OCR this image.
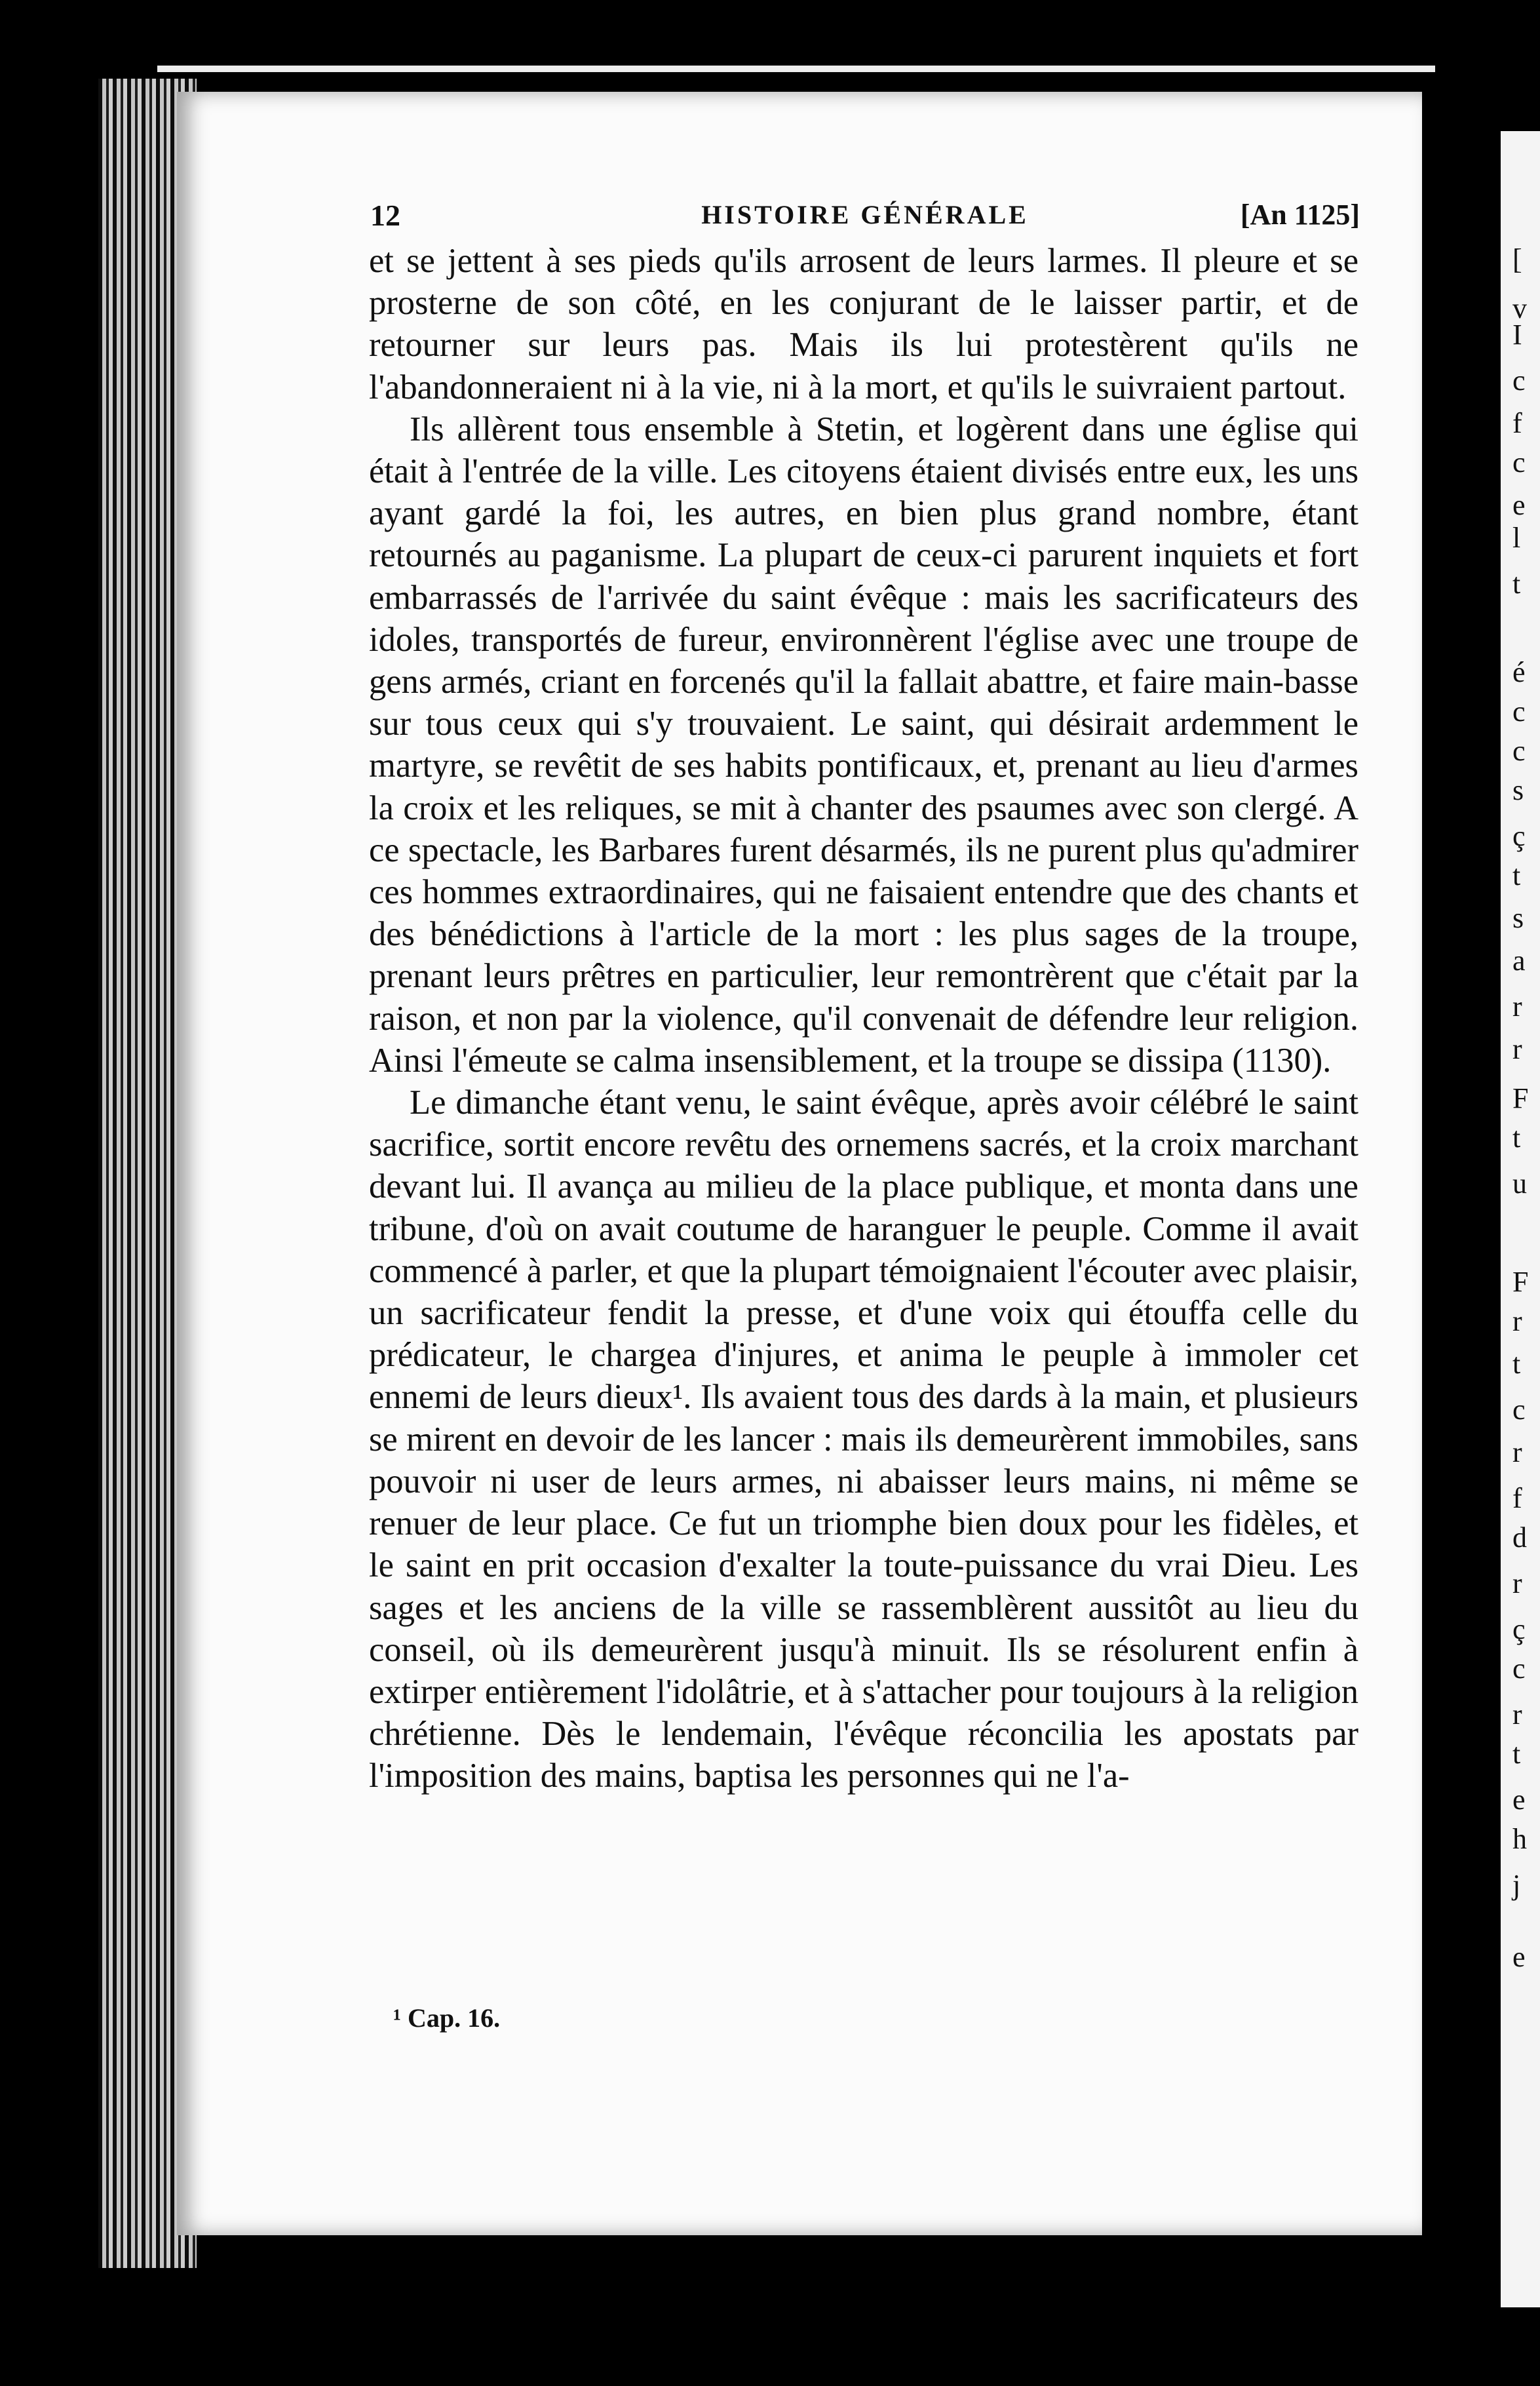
[
v
I
c
f
c
e
l
t
é
c
c
s
ç
t
s
a
r
r
F
t
u
F
r
t
c
r
f
d
r
ç
c
r
t
e
h
j
e
12	HISTOIRE GÉNÉRALE	[An 1125]

et se jettent à ses pieds qu'ils arrosent de leurs larmes. Il pleure et se prosterne de son côté, en les conjurant de le laisser partir, et de retourner sur leurs pas. Mais ils lui protestèrent qu'ils ne l'abandonneraient ni à la vie, ni à la mort, et qu'ils le suivraient partout.

Ils allèrent tous ensemble à Stetin, et logèrent dans une église qui était à l'entrée de la ville. Les citoyens étaient divisés entre eux, les uns ayant gardé la foi, les autres, en bien plus grand nombre, étant retournés au paganisme. La plupart de ceux-ci parurent inquiets et fort embarrassés de l'arrivée du saint évêque : mais les sacrificateurs des idoles, transportés de fureur, environnèrent l'église avec une troupe de gens armés, criant en forcenés qu'il la fallait abattre, et faire main-basse sur tous ceux qui s'y trouvaient. Le saint, qui désirait ardemment le martyre, se revêtit de ses habits pontificaux, et, prenant au lieu d'armes la croix et les reliques, se mit à chanter des psaumes avec son clergé. A ce spectacle, les Barbares furent désarmés, ils ne purent plus qu'admirer ces hommes extraordinaires, qui ne faisaient entendre que des chants et des bénédictions à l'article de la mort : les plus sages de la troupe, prenant leurs prêtres en particulier, leur remontrèrent que c'était par la raison, et non par la violence, qu'il convenait de défendre leur religion. Ainsi l'émeute se calma insensiblement, et la troupe se dissipa (1130).

Le dimanche étant venu, le saint évêque, après avoir célébré le saint sacrifice, sortit encore revêtu des ornemens sacrés, et la croix marchant devant lui. Il avança au milieu de la place publique, et monta dans une tribune, d'où on avait coutume de haranguer le peuple. Comme il avait commencé à parler, et que la plupart témoignaient l'écouter avec plaisir, un sacrificateur fendit la presse, et d'une voix qui étouffa celle du prédicateur, le chargea d'injures, et anima le peuple à immoler cet ennemi de leurs dieux¹. Ils avaient tous des dards à la main, et plusieurs se mirent en devoir de les lancer : mais ils demeurèrent immobiles, sans pouvoir ni user de leurs armes, ni abaisser leurs mains, ni même se renuer de leur place. Ce fut un triomphe bien doux pour les fidèles, et le saint en prit occasion d'exalter la toute-puissance du vrai Dieu. Les sages et les anciens de la ville se rassemblèrent aussitôt au lieu du conseil, où ils demeurèrent jusqu'à minuit. Ils se résolurent enfin à extirper entièrement l'idolâtrie, et à s'attacher pour toujours à la religion chrétienne. Dès le lendemain, l'évêque réconcilia les apostats par l'imposition des mains, baptisa les personnes qui ne l'a-

¹ Cap. 16.
